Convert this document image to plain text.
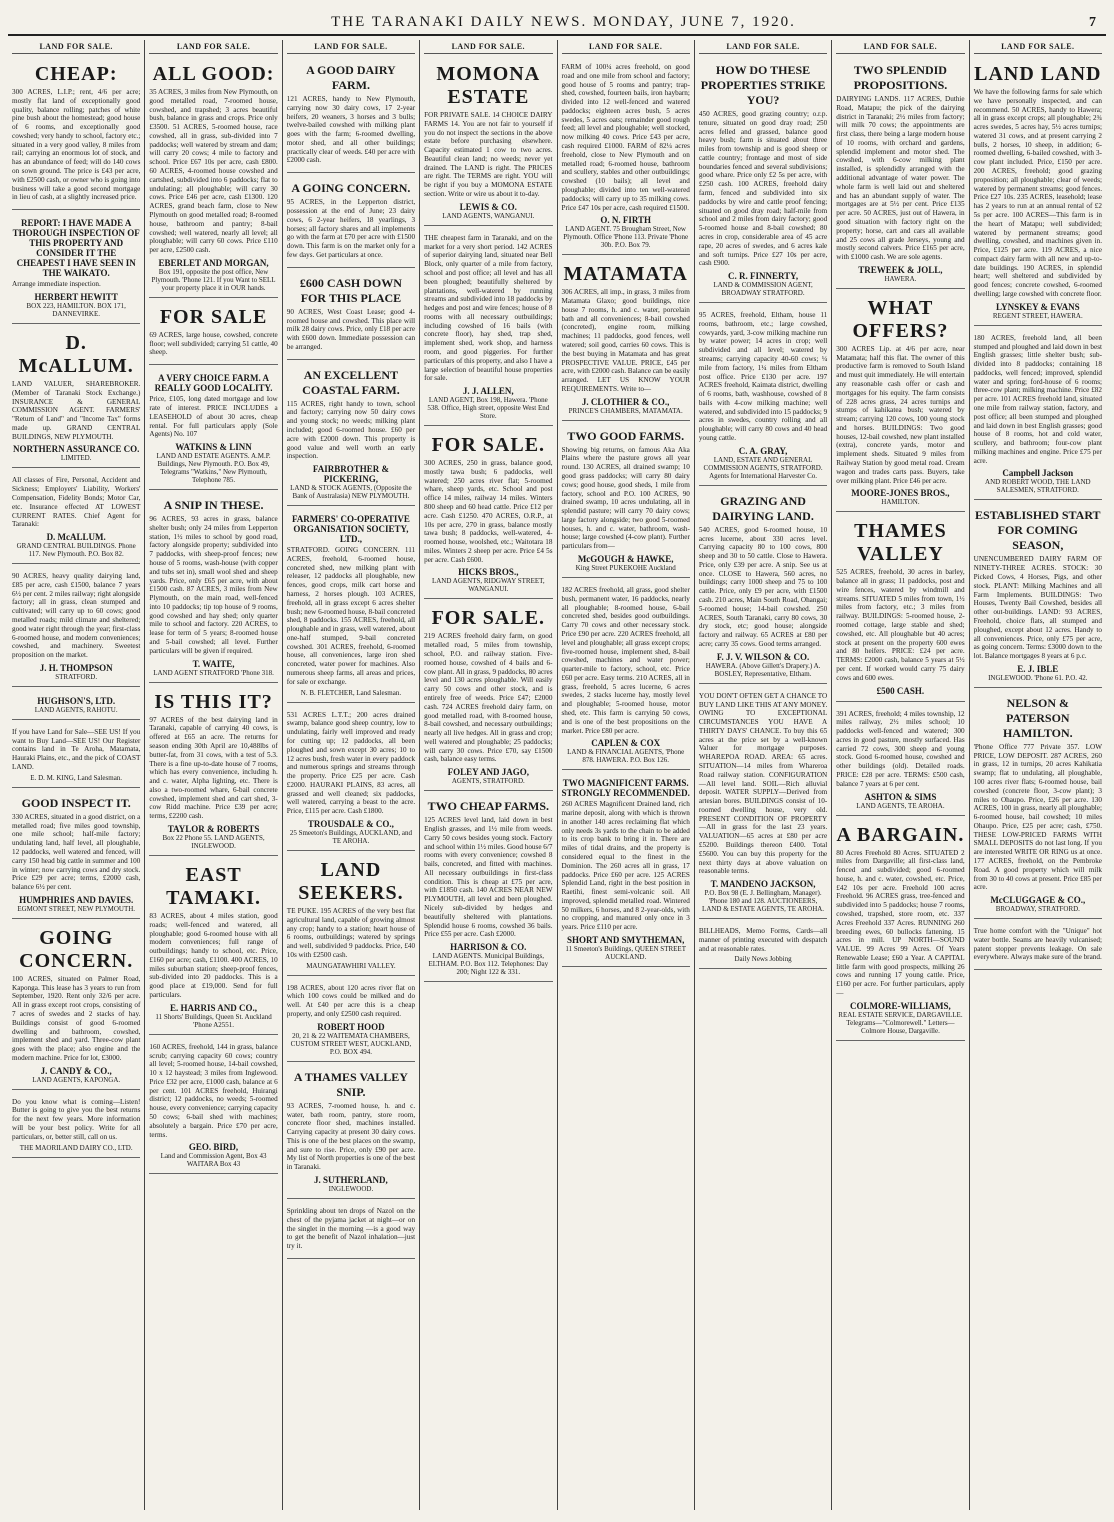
THE TARANAKI DAILY NEWS. MONDAY, JUNE 7, 1920.	7
LAND FOR SALE.
CHEAP:

300 ACRES, L.I.P.; rent, 4/6 per acre; mostly flat land of exceptionally good quality, balance rolling; patches of white pine bush about the homestead; good house of 6 rooms, and exceptionally good cowshed; very handy to school, factory etc.; situated in a very good valley, 8 miles from rail; carrying an enormous lot of stock, and has an abundance of feed; will do 140 cows on sown ground. The price is £43 per acre, with £2500 cash, or owner who is going into business will take a good second mortgage in lieu of cash, at a slightly increased price.

REPORT: I HAVE MADE A THOROUGH INSPECTION OF THIS PROPERTY AND CONSIDER IT THE CHEAPEST I HAVE SEEN IN THE WAIKATO.

Arrange immediate inspection.

HERBERT HEWITT
BOX 223, HAMILTON. BOX 171, DANNEVIRKE.
D. McALLUM.

LAND VALUER, SHAREBROKER. (Member of Taranaki Stock Exchange.) INSURANCE & GENERAL COMMISSION AGENT. FARMERS' "Return of Land" and "Income Tax" forms made up. GRAND CENTRAL BUILDINGS, NEW PLYMOUTH.

NORTHERN ASSURANCE CO.
LIMITED.

All classes of Fire, Personal, Accident and Sickness; Employers' Liability, Workers' Compensation, Fidelity Bonds; Motor Car, etc. Insurance effected AT LOWEST CURRENT RATES. Chief Agent for Taranaki:

D. McALLUM.
GRAND CENTRAL BUILDINGS. Phone 117. New Plymouth. P.O. Box 82.

90 ACRES, heavy quality dairying land, £85 per acre, cash £1500, balance 7 years 6½ per cent. 2 miles railway; right alongside factory; all in grass, clean stumped and cultivated; will carry up to 60 cows; good metalled roads; mild climate and sheltered; good water right through the year; first-class 6-roomed house, and modern conveniences; cowshed, and machinery. Sweetest proposition on the market.

J. H. THOMPSON
STRATFORD.
HUGHSON'S, LTD.
LAND AGENTS, RAHOTU.

If you have Land for Sale—SEE US! If you want to Buy Land—SEE US! Our Register contains land in Te Aroha, Matamata, Hauraki Plains, etc., and the pick of COAST LAND.

E. D. M. KING, Land Salesman.
GOOD INSPECT IT.

330 ACRES, situated in a good district, on a metalled road; five miles good township, one mile school; half-mile factory; undulating land, half level, all ploughable, 12 paddocks, well watered and fenced, will carry 150 head big cattle in summer and 100 in winter; now carrying cows and dry stock. Price £29 per acre; terms, £2000 cash, balance 6½ per cent.

HUMPHRIES AND DAVIES.
EGMONT STREET, NEW PLYMOUTH.
GOING CONCERN.

100 ACRES, situated on Palmer Road, Kaponga. This lease has 3 years to run from September, 1920. Rent only 32/6 per acre. All in grass except root crops, consisting of 7 acres of swedes and 2 stacks of hay. Buildings consist of good 6-roomed dwelling and bathroom, cowshed, implement shed and yard. Three-cow plant goes with the place; also engine and the modern machine. Price for lot, £3000.

J. CANDY & CO.,
LAND AGENTS, KAPONGA.

Do you know what is coming—Listen! Butter is going to give you the best returns for the next few years. More information will be your best policy. Write for all particulars, or, better still, call on us.

THE MAORILAND DAIRY CO., LTD.
LAND FOR SALE.
ALL GOOD:

35 ACRES, 3 miles from New Plymouth, on good metalled road, 7-roomed house, cowshed, and trapshed; 3 acres beautiful bush, balance in grass and crops. Price only £3500. 51 ACRES, 5-roomed house, race cowshed, all in grass, sub-divided into 7 paddocks; well watered by stream and dam; will carry 20 cows; 4 mile to factory and school. Price £67 10s per acre, cash £800. 60 ACRES, 4-roomed house cowshed and cartshed, subdivided into 6 paddocks; flat to undulating; all ploughable; will carry 30 cows. Price £46 per acre, cash £1300. 120 ACRES, grand beach farm, close to New Plymouth on good metalled road; 8-roomed house, bathroom and pantry; 8-bail cowshed; well watered, nearly all level; all ploughable; will carry 60 cows. Price £110 per acre, £2500 cash.

EBERLET AND MORGAN,
Box 191, opposite the post office, New Plymouth. 'Phone 121. If you Want to SELL your property place it in OUR hands.
FOR SALE

69 ACRES, large house, cowshed, concrete floor; well subdivided; carrying 51 cattle, 40 sheep.

A VERY CHOICE FARM. A REALLY GOOD LOCALITY.

Price, £105, long dated mortgage and low rate of interest. PRICE INCLUDES a LEASEHOLD of about 30 acres, cheap rental. For full particulars apply (Sole Agents) No. 107

WATKINS & LINN
LAND AND ESTATE AGENTS. A.M.P. Buildings, New Plymouth. P.O. Box 49, Telegrams "Watkins," New Plymouth, Telephone 785.
A SNIP IN THESE.

96 ACRES, 93 acres in grass, balance shelter bush; only 24 miles from Lepperton station, 1½ miles to school by good road, factory alongside property; subdivided into 7 paddocks, with sheep-proof fences; new house of 5 rooms, wash-house (with copper and tubs set in), small wool shed and sheep yards. Price, only £65 per acre, with about £1500 cash. 87 ACRES, 3 miles from New Plymouth, on the main road, well-fenced into 10 paddocks; tip top house of 9 rooms, good cowshed and hay shed; only quarter mile to school and factory. 220 ACRES, to lease for term of 5 years; 8-roomed house and 5-bail cowshed; all level. Further particulars will be given if required.

T. WAITE,
LAND AGENT STRATFORD 'Phone 318.
IS THIS IT?

97 ACRES of the best dairying land in Taranaki, capable of carrying 40 cows, is offered at £65 an acre. The returns for season ending 30th April are 10,488lbs of butter-fat, from 31 cows, with a test of 5.3. There is a fine up-to-date house of 7 rooms, which has every convenience, including h. and c. water, Alpha lighting, etc. There is also a two-roomed whare, 6-bail concrete cowshed, implement shed and cart shed, 3-cow Ridd machine. Price £39 per acre; terms, £2200 cash.

TAYLOR & ROBERTS
Box 22 Phone 55. LAND AGENTS, INGLEWOOD.
EAST TAMAKI.

83 ACRES, about 4 miles station, good roads; well-fenced and watered, all ploughable; good 6-roomed house with all modern conveniences; full range of outbuildings; handy to school, etc. Price, £160 per acre; cash, £1100. 400 ACRES, 10 miles suburban station; sheep-proof fences, sub-divided into 20 paddocks. This is a good place at £19,000. Send for full particulars.

E. HARRIS AND CO.,
11 Shorts' Buildings, Queen St. Auckland 'Phone A2551.

160 ACRES, freehold, 144 in grass, balance scrub; carrying capacity 60 cows; country all level; 5-roomed house, 14-bail cowshed, 10 x 12 haystead; 3 miles from Inglewood. Price £32 per acre, £1000 cash, balance at 6 per cent. 101 ACRES freehold, Huirangi district; 12 paddocks, no weeds; 5-roomed house, every convenience; carrying capacity 50 cows; 6-bail shed with machines; absolutely a bargain. Price £70 per acre, terms.

GEO. BIRD,
Land and Commission Agent, Box 43 WAITARA Box 43
LAND FOR SALE.
A GOOD DAIRY FARM.

121 ACRES, handy to New Plymouth, carrying now 30 dairy cows, 17 2-year heifers, 20 weaners, 3 horses and 3 bulls; twelve-bailed cowshed with milking plant goes with the farm; 6-roomed dwelling, motor shed, and all other buildings; practically clear of weeds. £40 per acre with £2000 cash.

A GOING CONCERN.

95 ACRES, in the Lepperton district, possession at the end of June; 23 dairy cows, 6 2-year heifers, 18 yearlings, 3 horses; all factory shares and all implements go with the farm at £70 per acre with £1500 down. This farm is on the market only for a few days. Get particulars at once.

£600 CASH DOWN FOR THIS PLACE

90 ACRES, West Coast Lease; good 4-roomed house and cowshed. This place will milk 28 dairy cows. Price, only £18 per acre with £600 down. Immediate possession can be arranged.

AN EXCELLENT COASTAL FARM.

115 ACRES, right handy to town, school and factory; carrying now 50 dairy cows and young stock; no weeds; milking plant included; good 6-roomed house. £60 per acre with £2000 down. This property is good value and well worth an early inspection.

FAIRBROTHER & PICKERING,
LAND & STOCK AGENTS, (Opposite the Bank of Australasia) NEW PLYMOUTH.
FARMERS' CO-OPERATIVE ORGANISATION SOCIETY, LTD.,

STRATFORD. GOING CONCERN. 111 ACRES, freehold, 6-roomed house, concreted shed, new milking plant with releaser, 12 paddocks all ploughable, new fences, good crops, milk cart horse and harness, 2 horses plough. 103 ACRES, freehold, all in grass except 6 acres shelter bush; new 6-roomed house, 8-bail concreted shed, 8 paddocks. 155 ACRES, freehold, all ploughable and in grass, well watered, about one-half stumped, 9-bail concreted cowshed. 301 ACRES, freehold, 6-roomed house, all conveniences, large iron shed concreted, water power for machines. Also numerous sheep farms, all areas and prices, for sale or exchange.

N. B. FLETCHER, Land Salesman.

531 ACRES L.T.T.; 200 acres drained swamp, balance good sheep country, low to undulating, fairly well improved and ready for cutting up; 12 paddocks, all been ploughed and sown except 30 acres; 10 to 12 acres bush, fresh water in every paddock and numerous springs and streams through the property. Price £25 per acre. Cash £2000. HAURAKI PLAINS, 83 acres, all grassed and well cleaned; six paddocks, well watered, carrying a beast to the acre. Price, £115 per acre. Cash £1800.

TROUSDALE & CO.,
25 Smeeton's Buildings, AUCKLAND, and TE AROHA.
LAND SEEKERS.

TE PUKE. 195 ACRES of the very best flat agricultural land, capable of growing almost any crop; handy to a station; heart house of 6 rooms, outbuildings; watered by springs and well, subdivided 9 paddocks. Price, £40 10s with £2500 cash.

MAUNGATAWHIRI VALLEY.

198 ACRES, about 120 acres river flat on which 100 cows could be milked and do well. At £40 per acre this is a cheap property, and only £2500 cash required.

ROBERT HOOD
20, 21 & 22 WAITEMATA CHAMBERS, CUSTOM STREET WEST, AUCKLAND, P.O. BOX 494.
A THAMES VALLEY SNIP.

93 ACRES, 7-roomed house, h. and c. water, bath room, pantry, store room, concrete floor shed, machines installed. Carrying capacity at present 30 dairy cows. This is one of the best places on the swamp, and sure to rise. Price, only £90 per acre. My list of North properties is one of the best in Taranaki.

J. SUTHERLAND,
INGLEWOOD.

Sprinkling about ten drops of Nazol on the chest of the pyjama jacket at night—or on the singlet in the morning —is a good way to get the benefit of Nazol inhalation—just try it.

LAND FOR SALE.
MOMONA ESTATE

FOR PRIVATE SALE. 14 CHOICE DAIRY FARMS 14. You are not fair to yourself if you do not inspect the sections in the above estate before purchasing elsewhere. Capacity estimated 1 cow to two acres. Beautiful clean land; no weeds; never yet drained. The LAND is right. The PRICES are right. The TERMS are right. YOU will be right if you buy a MOMONA ESTATE section. Write or wire us about it to-day.

LEWIS & CO.
LAND AGENTS, WANGANUI.

THE cheapest farm in Taranaki, and on the market for a very short period. 142 ACRES of superior dairying land, situated near Bell Block, only quarter of a mile from factory, school and post office; all level and has all been ploughed; beautifully sheltered by plantations, well-watered by running streams and subdivided into 18 paddocks by hedges and post and wire fences; house of 8 rooms with all necessary outbuildings; including cowshed of 16 bails (with concrete floor), hay shed, trap shed, implement shed, work shop, and harness room, and good piggeries. For further particulars of this property, and also I have a large selection of beautiful house properties for sale.

J. J. ALLEN,
LAND AGENT, Box 198, Hawera. 'Phone 538. Office, High street, opposite West End Store.
FOR SALE.

300 ACRES, 250 in grass, balance good, mostly tawa bush; 6 paddocks, well watered; 250 acres river flat; 5-roomed whare, sheep yards, etc. School and post office 14 miles, railway 14 miles. Winters 800 sheep and 60 head cattle. Price £12 per acre. Cash £1250. 470 ACRES, O.R.P., at 10s per acre, 270 in grass, balance mostly tawa bush; 8 paddocks, well-watered, 4-roomed house, woolshed, etc.; Waitotara 18 miles. Winters 2 sheep per acre. Price £4 5s per acre. Cash £600.

HICKS BROS.,
LAND AGENTS, RIDGWAY STREET, WANGANUI.
FOR SALE.

219 ACRES freehold dairy farm, on good metalled road, 5 miles from township, school, P.O. and railway station. Five-roomed house, cowshed of 4 bails and 6-cow plant. All in grass, 9 paddocks, 80 acres level and 130 acres ploughable. Will easily carry 50 cows and other stock, and is entirely free of weeds. Price £47; £2000 cash. 724 ACRES freehold dairy farm, on good metalled road, with 8-roomed house, 8-bail cowshed, and necessary outbuildings; nearly all live hedges. All in grass and crop; well watered and ploughable; 25 paddocks; will carry 30 cows. Price £70, say £1500 cash, balance easy terms.

FOLEY AND JAGO,
AGENTS, STRATFORD.
TWO CHEAP FARMS.

125 ACRES level land, laid down in best English grasses, and 1½ mile from weeds. Carry 50 cows besides young stock. Factory and school within 1½ miles. Good house 6/7 rooms with every convenience; cowshed 8 bails, concreted, and fitted with machines. All necessary outbuildings in first-class condition. This is cheap at £75 per acre, with £1850 cash. 140 ACRES NEAR NEW PLYMOUTH, all level and been ploughed. Nicely sub-divided by hedges and beautifully sheltered with plantations. Splendid house 6 rooms, cowshed 36 bails. Price £55 per acre. Cash £2000.

HARRISON & CO.
LAND AGENTS. Municipal Buildings, ELTHAM. P.O. Box 112. Telephones: Day 200; Night 122 & 331.
LAND FOR SALE.

FARM of 100¼ acres freehold, on good road and one mile from school and factory; good house of 5 rooms and pantry; trap-shed, cowshed, fourteen bails, iron haybarn; divided into 12 well-fenced and watered paddocks; eighteen acres bush, 5 acres swedes, 5 acres oats; remainder good rough feed; all level and ploughable; well stocked, now milking 40 cows. Price £43 per acre, cash required £1000. FARM of 82¼ acres freehold, close to New Plymouth and on metalled road; 6-roomed house, bathroom and scullery, stables and other outbuildings; cowshed (10 bails); all level and ploughable; divided into ten well-watered paddocks; will carry up to 35 milking cows. Price £47 10s per acre, cash required £1500.

O. N. FIRTH
LAND AGENT. 75 Brougham Street, New Plymouth. Office 'Phone 113. Private 'Phone 30b. P.O. Box 79.
MATAMATA

306 ACRES, all imp., in grass, 3 miles from Matamata Glaxo; good buildings, nice house 7 rooms, h. and c. water, porcelain bath and all conveniences; 8-bail cowshed (concreted), engine room, milking machines; 11 paddocks, good fences, well watered; soil good, carries 60 cows. This is the best buying in Matamata and has great PROSPECTIVE VALUE. PRICE, £45 per acre, with £2000 cash. Balance can be easily arranged. LET US KNOW YOUR REQUIREMENTS. Write to—

J. CLOTHIER & CO.,
PRINCE'S CHAMBERS, MATAMATA.
TWO GOOD FARMS.

Showing big returns, on famous Aka Aka Plains where the pasture grows all year round. 130 ACRES, all drained swamp; 10 good grass paddocks; will carry 80 dairy cows; good house, good sheds, 1 mile from factory, school and P.O. 100 ACRES, 90 drained swamp, 10 acres undulating, all in splendid pasture; will carry 70 dairy cows; large factory alongside; two good 5-roomed houses, h. and c. water, bathroom, wash-house; large cowshed (4-cow plant). Further particulars from—

McGOUGH & HAWKE,
King Street PUKEKOHE Auckland

182 ACRES freehold, all grass, good shelter bush, permanent water, 16 paddocks, nearly all ploughable; 8-roomed house, 6-bail concreted shed, besides good outbuildings. Carry 70 cows and other necessary stock. Price £90 per acre. 220 ACRES freehold, all level and ploughable; all grass except crops; five-roomed house, implement shed, 8-bail cowshed, machines and water power; quarter-mile to factory, school, etc. Price £60 per acre. Easy terms. 210 ACRES, all in grass, freehold, 5 acres lucerne, 6 acres swedes, 2 stacks lucerne hay, mostly level and ploughable; 5-roomed house, motor shed, etc. This farm is carrying 50 cows, and is one of the best propositions on the market. Price £80 per acre.

CAPLEN & COX
LAND & FINANCIAL AGENTS, 'Phone 878. HAWERA. P.O. Box 126.
TWO MAGNIFICENT FARMS. STRONGLY RECOMMENDED.

260 ACRES Magnificent Drained land, rich marine deposit, along with which is thrown in another 140 acres reclaiming flat which only needs 3s yards to the chain to be added to its crop bank to bring it in. There are miles of tidal drains, and the property is considered equal to the finest in the Dominion. The 260 acres all in grass, 17 paddocks. Price £60 per acre. 125 ACRES Splendid Land, right in the best position in Raetihi, finest semi-volcanic soil. All improved, splendid metalled road. Wintered 50 milkers, 6 horses, and 8 2-year-olds, with no cropping, and manured only once in 3 years. Price £110 per acre.

SHORT AND SMYTHEMAN,
11 Smeeton's Buildings, QUEEN STREET AUCKLAND.
LAND FOR SALE.
HOW DO THESE PROPERTIES STRIKE YOU?

450 ACRES, good grazing country; o.r.p. tenure, situated on good dray road; 250 acres felled and grassed, balance good heavy bush; farm is situated about three miles from township and is good sheep or cattle country; frontage and most of side boundaries fenced and several subdivisions; good whare. Price only £2 5s per acre, with £250 cash. 100 ACRES, freehold dairy farm, fenced and subdivided into six paddocks by wire and cattle proof fencing; situated on good dray road; half-mile from school and 2 miles from dairy factory; good 5-roomed house and 8-bail cowshed; 80 acres in crop, considerable area of 45 acre rape, 20 acres of swedes, and 6 acres kale and soft turnips. Price £27 10s per acre, cash £900.

C. R. FINNERTY,
LAND & COMMISSION AGENT, BROADWAY STRATFORD.

95 ACRES, freehold, Eltham, house 11 rooms, bathroom, etc.; large cowshed, cowyards, yard, 3-cow milking machine run by water power; 14 acres in crop; well subdivided and all level; watered by streams; carrying capacity 40-60 cows; ¼ mile from factory, 1¼ miles from Eltham post office. Price £130 per acre. 197 ACRES freehold, Kaimata district, dwelling of 6 rooms, bath, washhouse, cowshed of 8 bails with 4-cow milking machine; well watered, and subdivided into 15 paddocks; 9 acres in swedes, country rolling and all ploughable; will carry 80 cows and 40 head young cattle.

C. A. GRAY,
LAND, ESTATE AND GENERAL COMMISSION AGENTS, STRATFORD. Agents for International Harvester Co.
GRAZING AND DAIRYING LAND.

540 ACRES, good 6-roomed house, 10 acres lucerne, about 330 acres level. Carrying capacity 80 to 100 cows, 800 sheep and 30 to 50 cattle. Close to Hawera. Price, only £39 per acre. A snip. See us at once. CLOSE to Hawera, 560 acres, no buildings; carry 1000 sheep and 75 to 100 cattle. Price, only £9 per acre, with £1500 cash. 210 acres, Main South Road, Ohangai; 5-roomed house; 14-bail cowshed. 250 ACRES, South Taranaki, carry 80 cows, 30 dry stock, etc; good house; alongside factory and railway. 65 ACRES at £80 per acre; carry 35 cows. Good terms arranged.

F. J. V. WILSON & CO.
HAWERA. (Above Gillett's Drapery.) A. BOSLEY, Representative, Eltham.

YOU DON'T OFTEN GET A CHANCE TO BUY LAND LIKE THIS AT ANY MONEY. OWING TO EXCEPTIONAL CIRCUMSTANCES YOU HAVE A THIRTY DAYS' CHANCE. To buy this 65 acres at the price set by a well-known Valuer for mortgage purposes. WHAREPOA ROAD. AREA: 65 acres. SITUATION—14 miles from Whareroa Road railway station. CONFIGURATION—All level land. SOIL—Rich alluvial deposit. WATER SUPPLY—Derived from artesian bores. BUILDINGS consist of 10-roomed dwelling house, very old. PRESENT CONDITION OF PROPERTY—All in grass for the last 23 years. VALUATION—65 acres at £80 per acre £5200. Buildings thereon £400. Total £5600. You can buy this property for the next thirty days at above valuation on reasonable terms.

T. MANDENO JACKSON,
P.O. Box 98 (E. J. Bellingham, Manager). 'Phone 180 and 128. AUCTIONEERS, LAND & ESTATE AGENTS, TE AROHA.

BILLHEADS, Memo Forms, Cards—all manner of printing executed with despatch and at reasonable rates.

Daily News Jobbing
LAND FOR SALE.
TWO SPLENDID PROPOSITIONS.

DAIRYING LANDS. 117 ACRES, Duthie Road, Matapu; the pick of the dairying district in Taranaki; 2½ miles from factory; will milk 70 cows; the appointments are first class, there being a large modern house of 10 rooms, with orchard and gardens, splendid implement and motor shed. The cowshed, with 6-cow milking plant installed, is splendidly arranged with the additional advantage of water power. The whole farm is well laid out and sheltered and has an abundant supply of water. The mortgages are at 5½ per cent. Price £135 per acre. 50 ACRES, just out of Hawera, in good situation with factory right on the property; horse, cart and cars all available and 25 cows all grade Jerseys, young and mostly second calvers. Price £165 per acre, with £1000 cash. We are sole agents.

TREWEEK & JOLL,
HAWERA.
WHAT OFFERS?

300 ACRES Lip. at 4/6 per acre, near Matamata; half this flat. The owner of this productive farm is removed to South Island and must quit immediately. He will entertain any reasonable cash offer or cash and mortgages for his equity. The farm consists of 228 acres grass, 24 acres turnips and stumps of kahikatea bush; watered by stream; carrying 120 cows, 100 young stock and horses. BUILDINGS: Two good houses, 12-bail cowshed, new plant installed (extra), concrete yards, motor and implement sheds. Situated 9 miles from Railway Station by good metal road. Cream wagon and trades carts pass. Buyers, take over milking plant. Price £46 per acre.

MOORE-JONES BROS.,
HAMILTON.
THAMES VALLEY

525 ACRES, freehold, 30 acres in barley, balance all in grass; 11 paddocks, post and wire fences, watered by windmill and streams. SITUATED 5 miles from town, 1½ miles from factory, etc.; 3 miles from railway. BUILDINGS: 5-roomed house, 2-roomed cottage, large stable and shed; cowshed, etc. All ploughable but 40 acres; stock at present on the property 600 ewes and 80 heifers. PRICE: £24 per acre. TERMS: £2000 cash, balance 5 years at 5½ per cent. If worked would carry 75 dairy cows and 600 ewes.

£500 CASH.

391 ACRES, freehold; 4 miles township, 12 miles railway, 2½ miles school; 10 paddocks well-fenced and watered; 300 acres in good pasture, mostly surfaced. Has carried 72 cows, 300 sheep and young stock. Good 6-roomed house, cowshed and other buildings (old). Detailed roads. PRICE: £28 per acre. TERMS: £500 cash, balance 7 years at 6 per cent.

ASHTON & SIMS
LAND AGENTS, TE AROHA.
A BARGAIN.

80 Acres Freehold 80 Acres. SITUATED 2 miles from Dargaville; all first-class land, fenced and subdivided; good 6-roomed house, h. and c. water, cowshed, etc. Price, £42 10s per acre. Freehold 100 acres Freehold. 96 ACRES grass, tree-fenced and subdivided into 5 paddocks; house 7 rooms, cowshed, trapshed, store room, etc. 337 Acres Freehold 337 Acres. RUNNING 260 breeding ewes, 60 bullocks fattening. 15 acres in mill. UP NORTH—SOUND VALUE. 99 Acres 99 Acres. Of Years Renewable Lease; £60 a Year. A CAPITAL little farm with good prospects, milking 26 cows and running 17 young cattle. Price, £160 per acre. For further particulars, apply—

COLMORE-WILLIAMS,
REAL ESTATE SERVICE, DARGAVILLE. Telegrams—"Colmorewell." Letters—Colmore House, Dargaville.
LAND FOR SALE.
LAND LAND

We have the following farms for sale which we have personally inspected, and can recommend. 50 ACRES, handy to Hawera; all in grass except crops; all ploughable; 2¾ acres swedes, 5 acres hay, 5½ acres turnips; watered 31 cows, and at present carrying 2 bulls, 2 horses, 10 sheep, in addition; 6-roomed dwelling, 6-bailed cowshed, with 3-cow plant included. Price, £150 per acre. 200 ACRES, freehold; good grazing proposition; all ploughable; clear of weeds; watered by permanent streams; good fences. Price £27 10s. 235 ACRES, leasehold; lease has 2 years to run at an annual rental of £2 5s per acre. 100 ACRES—This farm is in the heart of Matapu; well subdivided; watered by permanent streams; good dwelling, cowshed, and machines given in. Price, £125 per acre. 119 ACRES, a nice compact dairy farm with all new and up-to-date buildings. 190 ACRES, in splendid heart; well sheltered and subdivided by good fences; concrete cowshed, 6-roomed dwelling; large cowshed with concrete floor.

LYNSKEY & EVANS
REGENT STREET, HAWERA.

180 ACRES, freehold land, all been stumped and ploughed and laid down in best English grasses; little shelter bush; sub-divided into 8 paddocks; containing 18 paddocks, well fenced; improved, splendid water and spring; ford-house of 6 rooms; three-cow plant; milking machine. Price £82 per acre. 101 ACRES freehold land, situated one mile from railway station, factory, and post office; all been stumped and ploughed and laid down in best English grasses; good house of 8 rooms, hot and cold water, scullery, and bathroom; four-cow plant milking machines and engine. Price £75 per acre.

Campbell Jackson
AND ROBERT WOOD, THE LAND SALESMEN, STRATFORD.
ESTABLISHED START FOR COMING SEASON,

UNENCUMBERED DAIRY FARM OF NINETY-THREE ACRES. STOCK: 30 Picked Cows, 4 Horses, Pigs, and other stock. PLANT: Milking Machines and all Farm Implements. BUILDINGS: Two Houses, Twenty Bail Cowshed, besides all other out-buildings. LAND: 93 ACRES, Freehold, choice flats, all stumped and ploughed, except about 12 acres. Handy to all conveniences. Price, only £75 per acre, as going concern. Terms: £3000 down to the lot. Balance mortgages 8 years at 6 p.c.

E. J. IBLE
INGLEWOOD. 'Phone 61. P.O. 42.
NELSON & PATERSON HAMILTON.

'Phone Office 777 Private 357. LOW PRICE, LOW DEPOSIT. 287 ACRES, 260 in grass, 12 in turnips, 20 acres Kahikatia swamp; flat to undulating, all ploughable, 100 acres river flats; 6-roomed house, bail cowshed (concrete floor, 3-cow plant); 3 miles to Ohaupo. Price, £26 per acre. 130 ACRES, 100 in grass, nearly all ploughable; 6-roomed house, bail cowshed; 10 miles Ohaupo. Price, £25 per acre; cash, £750. THESE LOW-PRICED FARMS WITH SMALL DEPOSITS do not last long. If you are interested WRITE OR RING us at once. 177 ACRES, freehold, on the Pembroke Road. A good property which will milk from 30 to 40 cows at present. Price £85 per acre.

McCLUGGAGE & CO.,
BROADWAY, STRATFORD.

True home comfort with the "Unique" hot water bottle. Seams are heavily vulcanised; patent stopper prevents leakage. On sale everywhere. Always make sure of the brand.
